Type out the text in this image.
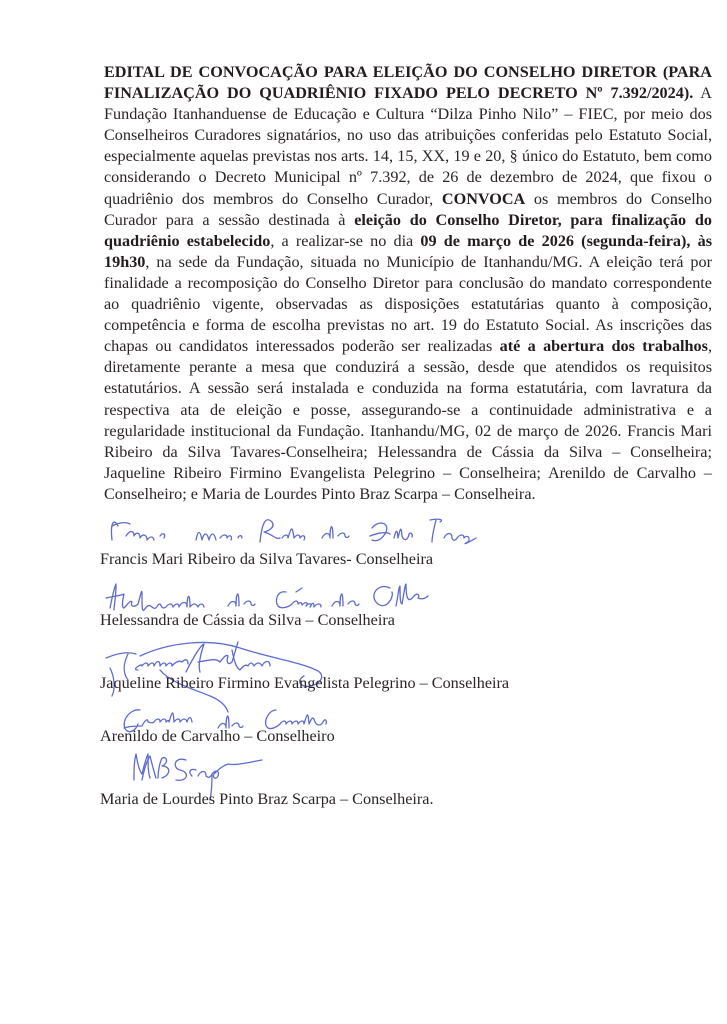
EDITAL DE CONVOCAÇÃO PARA ELEIÇÃO DO CONSELHO DIRETOR (PARA FINALIZAÇÃO DO QUADRIÊNIO FIXADO PELO DECRETO Nº 7.392/2024). A Fundação Itanhanduense de Educação e Cultura “Dilza Pinho Nilo” – FIEC, por meio dos Conselheiros Curadores signatários, no uso das atribuições conferidas pelo Estatuto Social, especialmente aquelas previstas nos arts. 14, 15, XX, 19 e 20, § único do Estatuto, bem como considerando o Decreto Municipal nº 7.392, de 26 de dezembro de 2024, que fixou o quadriênio dos membros do Conselho Curador, CONVOCA os membros do Conselho Curador para a sessão destinada à eleição do Conselho Diretor, para finalização do quadriênio estabelecido, a realizar-se no dia 09 de março de 2026 (segunda-feira), às 19h30, na sede da Fundação, situada no Município de Itanhandu/MG. A eleição terá por finalidade a recomposição do Conselho Diretor para conclusão do mandato correspondente ao quadriênio vigente, observadas as disposições estatutárias quanto à composição, competência e forma de escolha previstas no art. 19 do Estatuto Social. As inscrições das chapas ou candidatos interessados poderão ser realizadas até a abertura dos trabalhos, diretamente perante a mesa que conduzirá a sessão, desde que atendidos os requisitos estatutários. A sessão será instalada e conduzida na forma estatutária, com lavratura da respectiva ata de eleição e posse, assegurando-se a continuidade administrativa e a regularidade institucional da Fundação. Itanhandu/MG, 02 de março de 2026. Francis Mari Ribeiro da Silva Tavares-Conselheira; Helessandra de Cássia da Silva – Conselheira; Jaqueline Ribeiro Firmino Evangelista Pelegrino – Conselheira; Arenildo de Carvalho – Conselheiro; e Maria de Lourdes Pinto Braz Scarpa – Conselheira.

Francis Mari Ribeiro da Silva Tavares- Conselheira
Helessandra de Cássia da Silva – Conselheira
Jaqueline Ribeiro Firmino Evangelista Pelegrino – Conselheira
Arenildo de Carvalho – Conselheiro
Maria de Lourdes Pinto Braz Scarpa – Conselheira.
